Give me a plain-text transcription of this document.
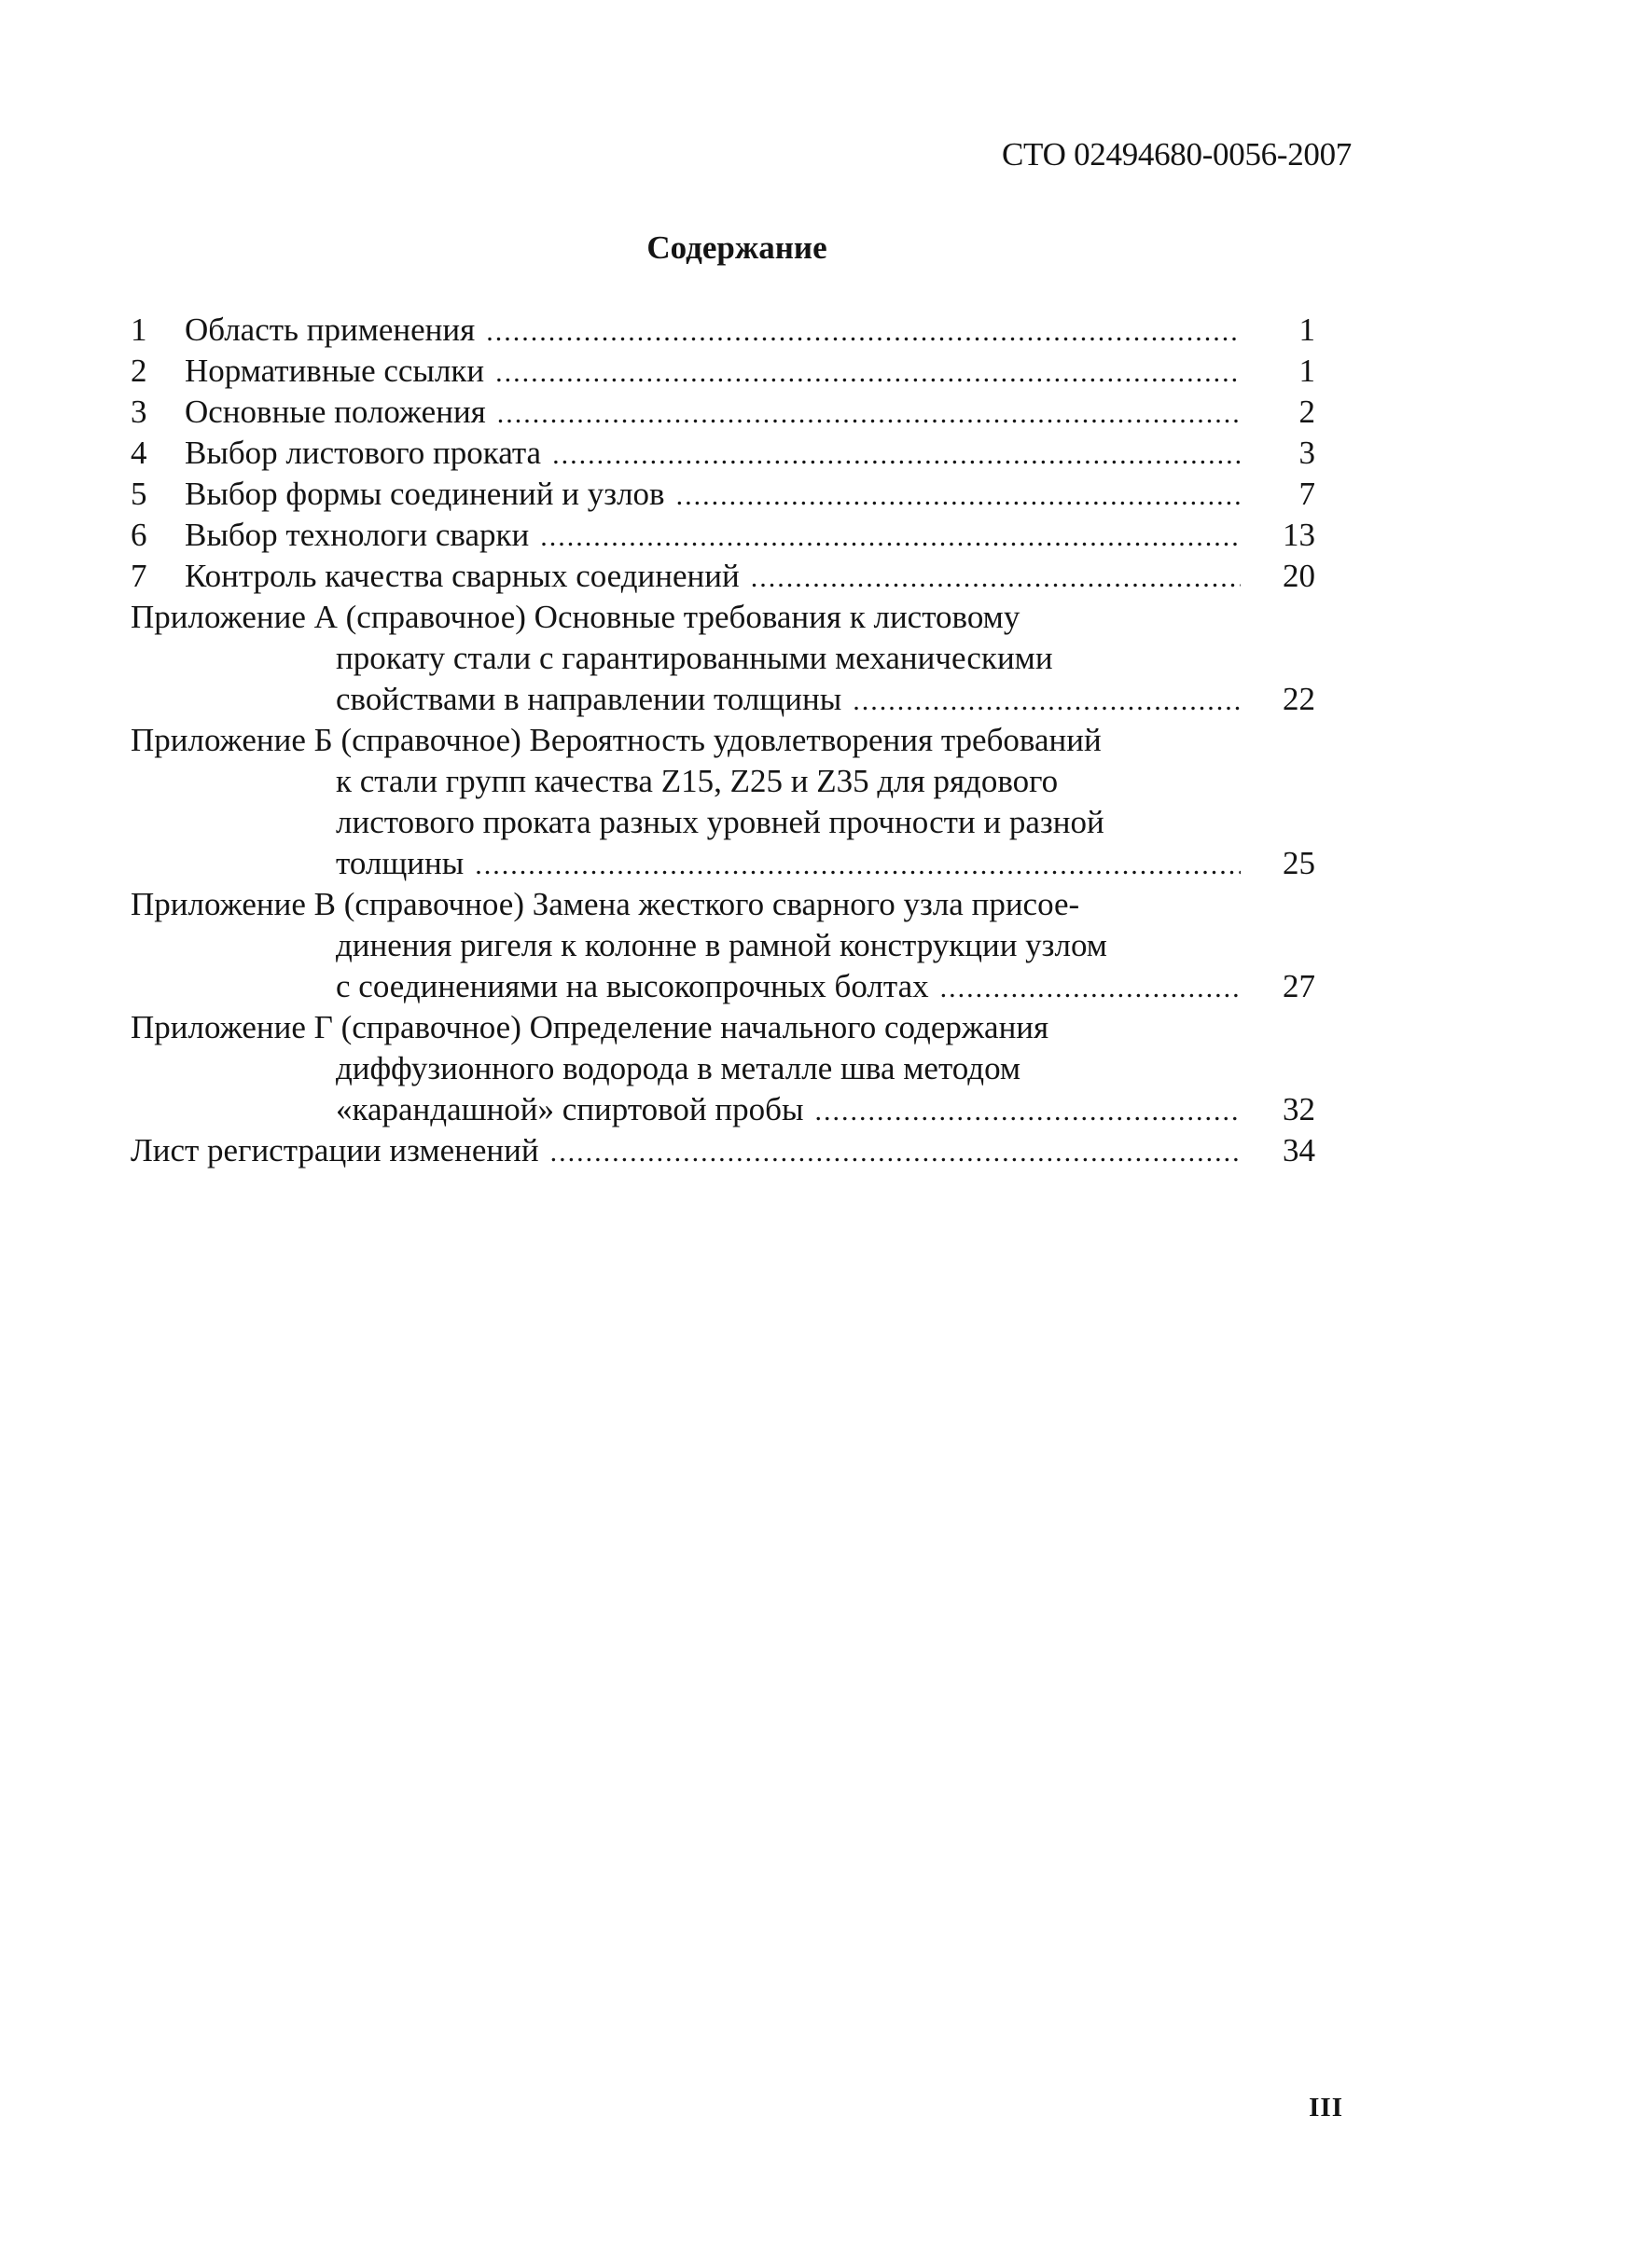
СТО 02494680-0056-2007
Содержание
1	Область применения .....	1
2	Нормативные ссылки .....	1
3	Основные положения .....	2
4	Выбор листового проката .....	3
5	Выбор формы соединений и узлов .....	7
6	Выбор технологи сварки .....	13
7	Контроль качества сварных соединений .....	20
Приложение А (справочное) Основные требования к листовому
прокату стали с гарантированными механическими
свойствами в направлении толщины .....	22
Приложение Б (справочное) Вероятность удовлетворения требований
к стали групп качества Z15, Z25 и Z35 для рядового
листового проката разных уровней прочности и разной
толщины .....	25
Приложение В (справочное) Замена жесткого сварного узла присое-
динения ригеля к колонне в рамной конструкции узлом
с соединениями на высокопрочных болтах .....	27
Приложение Г (справочное) Определение начального содержания
диффузионного водорода в металле шва методом
«карандашной» спиртовой пробы .....	32
Лист регистрации изменений .....	34
III
